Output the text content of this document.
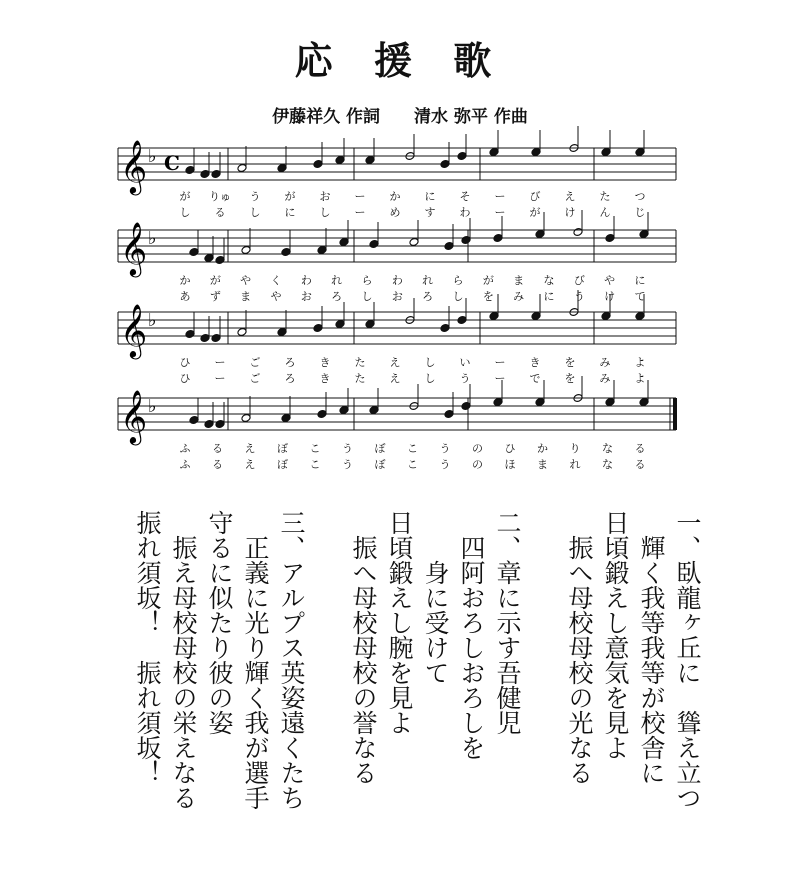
応 援 歌
伊藤祥久 作詞　　清水 弥平 作曲
𝄞 ♭ C
𝄞 ♭
𝄞 ♭
𝄞 ♭
が りゅ う が お ー か に そ ー び え た つ
し る し に し ー め す わ ー が け ん じ
か が や く わ れ ら わ れ ら が ま な び や に
あ ず ま や お ろ し お ろ し を み に う け て
ひ ー ご ろ き た え し い ー き を み よ
ひ ー ご ろ き た え し う ー で を み よ
ふ る え ぼ こ う ぼ こ う の ひ か り な る
ふ る え ぼ こ う ぼ こ う の ほ ま れ な る
一、臥龍ヶ丘に　聳え立つ
　輝く我等我等が校舎に
日頃鍛えし意気を見よ
　振へ母校母校の光なる
二、章に示す吾健児
　四阿おろしおろしを
　　身に受けて
日頃鍛えし腕を見よ
　振へ母校母校の誉なる
三、アルプス英姿遠くたち
　正義に光り輝く我が選手
守るに似たり彼の姿
　振え母校母校の栄えなる
振れ須坂！　振れ須坂！
